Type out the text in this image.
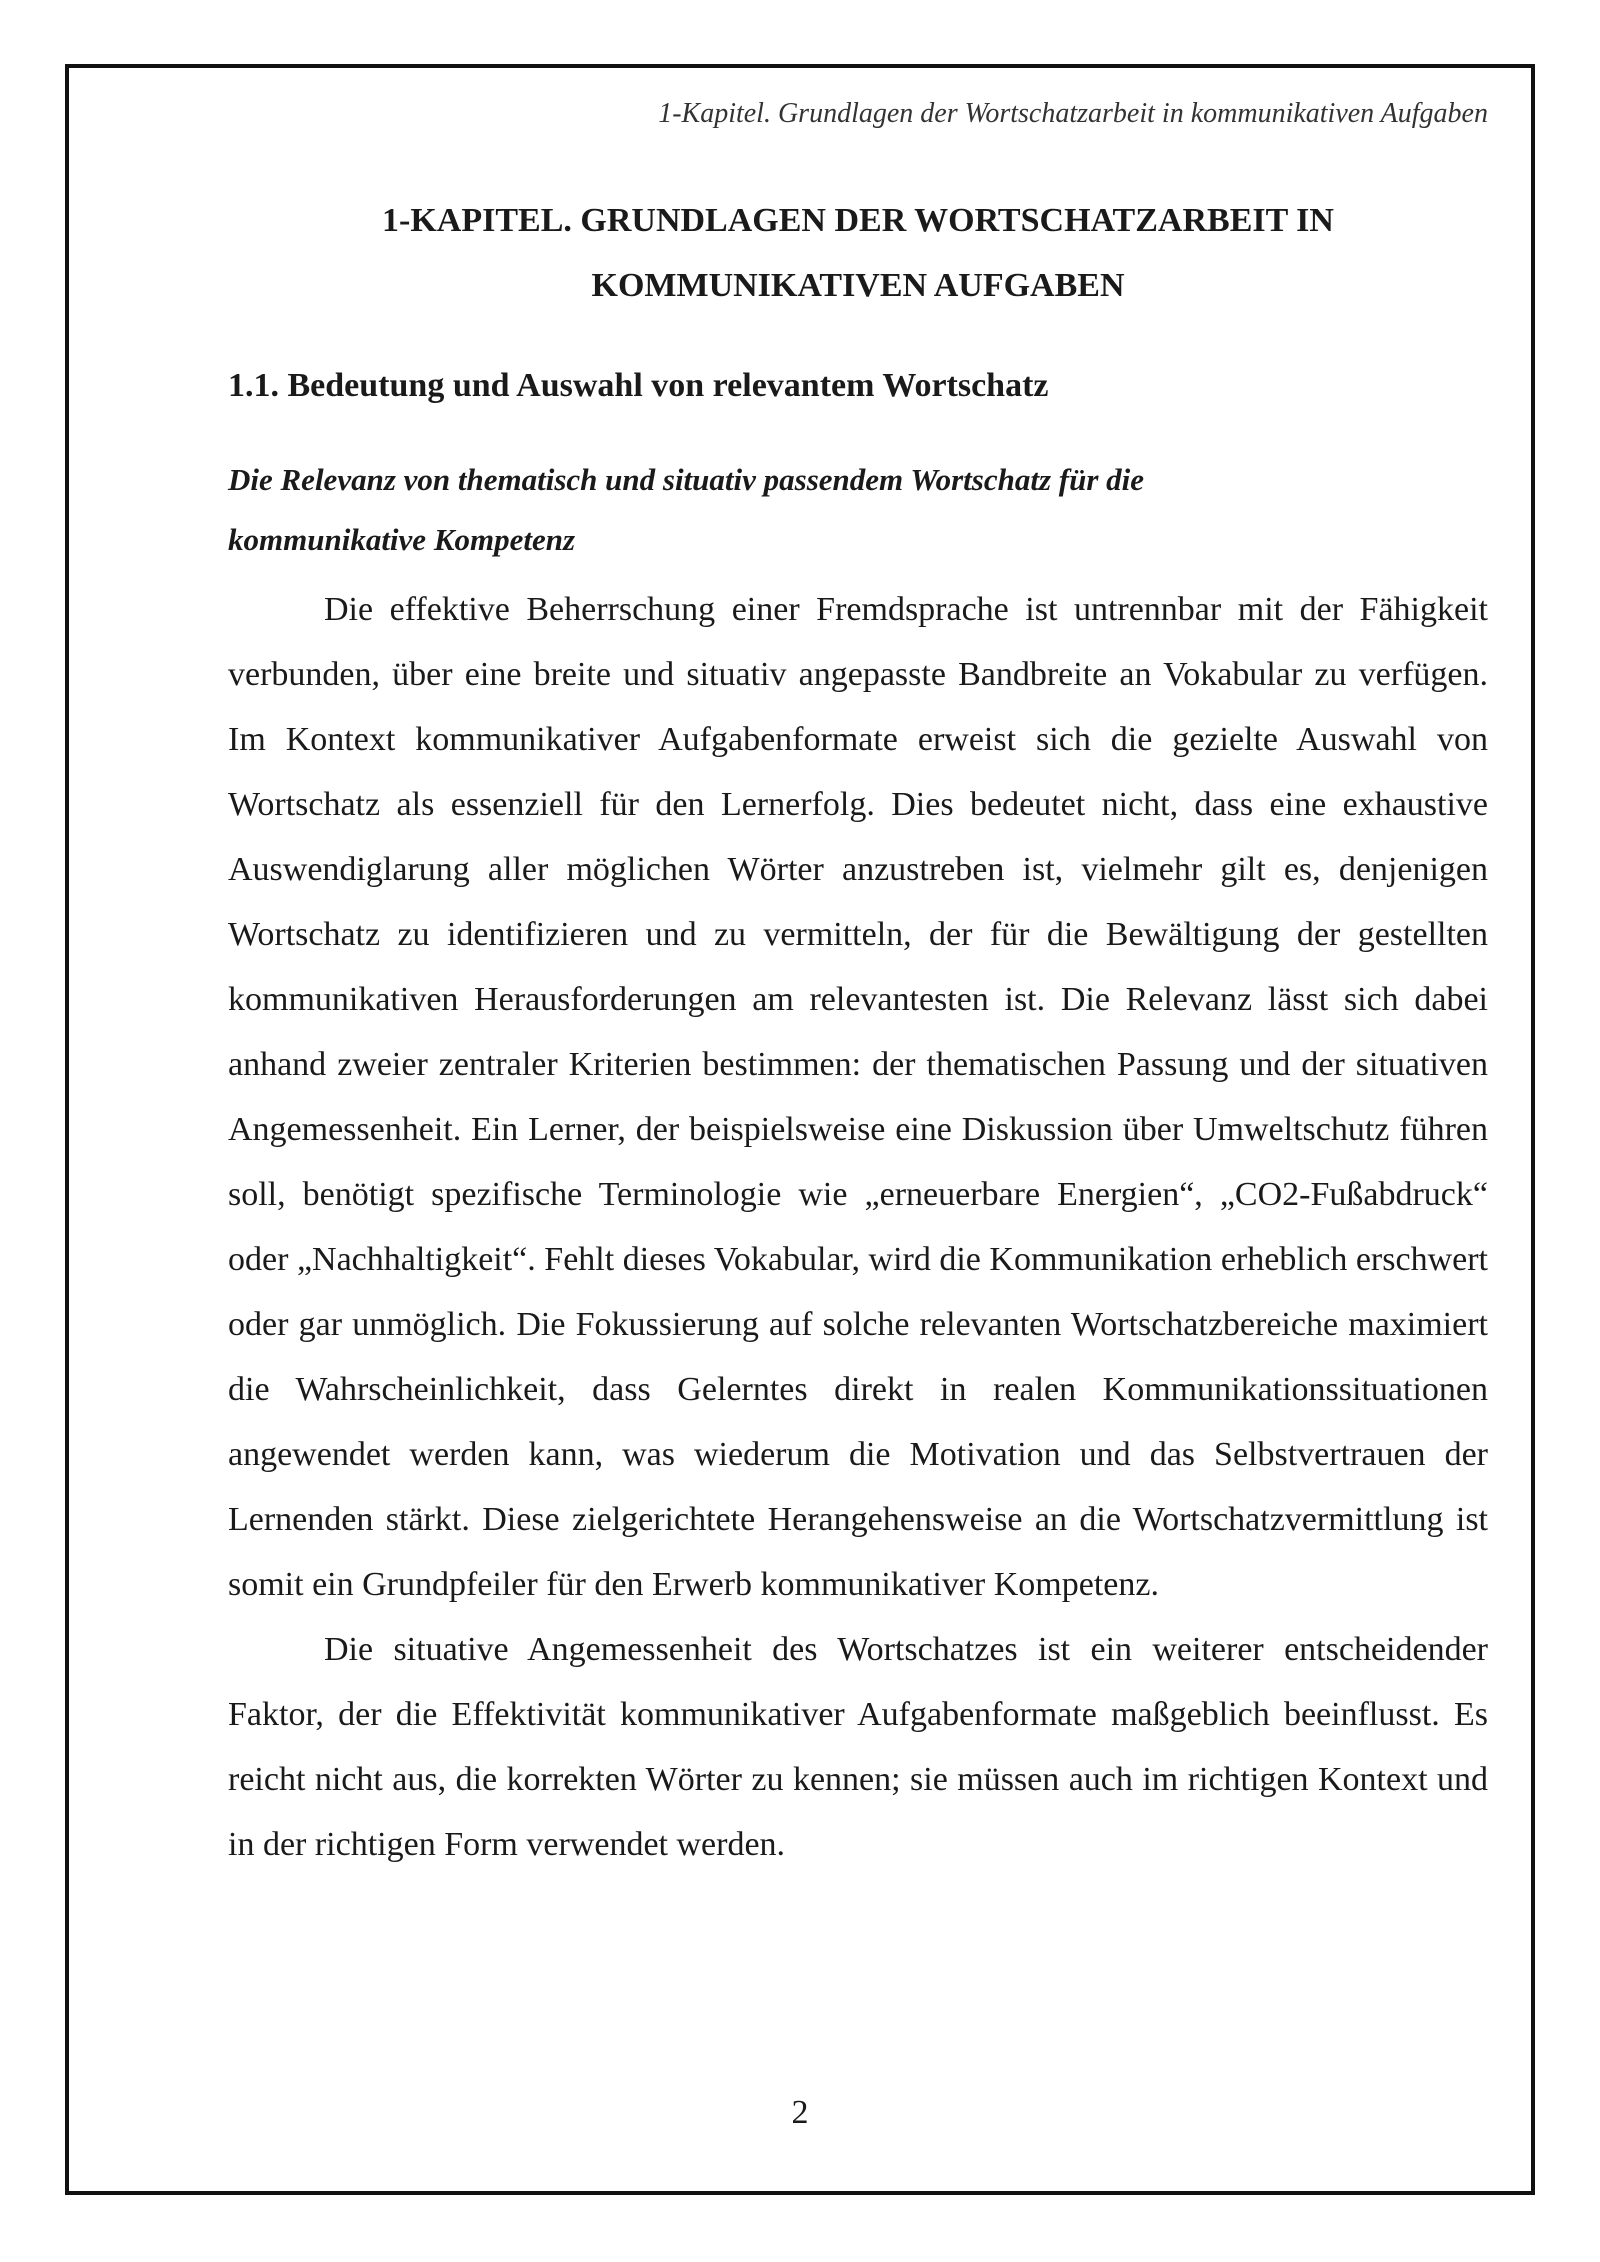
1-Kapitel. Grundlagen der Wortschatzarbeit in kommunikativen Aufgaben
1-KAPITEL. GRUNDLAGEN DER WORTSCHATZARBEIT IN
KOMMUNIKATIVEN AUFGABEN
1.1. Bedeutung und Auswahl von relevantem Wortschatz
Die Relevanz von thematisch und situativ passendem Wortschatz für die
kommunikative Kompetenz

Die effektive Beherrschung einer Fremdsprache ist untrennbar mit der Fähigkeit verbunden, über eine breite und situativ angepasste Bandbreite an Vokabular zu verfügen. Im Kontext kommunikativer Aufgabenformate erweist sich die gezielte Auswahl von Wortschatz als essenziell für den Lernerfolg. Dies bedeutet nicht, dass eine exhaustive Auswendiglarung aller möglichen Wörter anzustreben ist, vielmehr gilt es, denjenigen Wortschatz zu identifizieren und zu vermitteln, der für die Bewältigung der gestellten kommunikativen Herausforderungen am relevantesten ist. Die Relevanz lässt sich dabei anhand zweier zentraler Kriterien bestimmen: der thematischen Passung und der situativen Angemessenheit. Ein Lerner, der beispielsweise eine Diskussion über Umweltschutz führen soll, benötigt spezifische Terminologie wie „erneuerbare Energien“, „CO2-Fußabdruck“ oder „Nachhaltigkeit“. Fehlt dieses Vokabular, wird die Kommunikation erheblich erschwert oder gar unmöglich. Die Fokussierung auf solche relevanten Wortschatzbereiche maximiert die Wahrscheinlichkeit, dass Gelerntes direkt in realen Kommunikationssituationen angewendet werden kann, was wiederum die Motivation und das Selbstvertrauen der Lernenden stärkt. Diese zielgerichtete Herangehensweise an die Wortschatzvermittlung ist somit ein Grundpfeiler für den Erwerb kommunikativer Kompetenz.

Die situative Angemessenheit des Wortschatzes ist ein weiterer entscheidender Faktor, der die Effektivität kommunikativer Aufgabenformate maßgeblich beeinflusst. Es reicht nicht aus, die korrekten Wörter zu kennen; sie müssen auch im richtigen Kontext und in der richtigen Form verwendet werden.

2
